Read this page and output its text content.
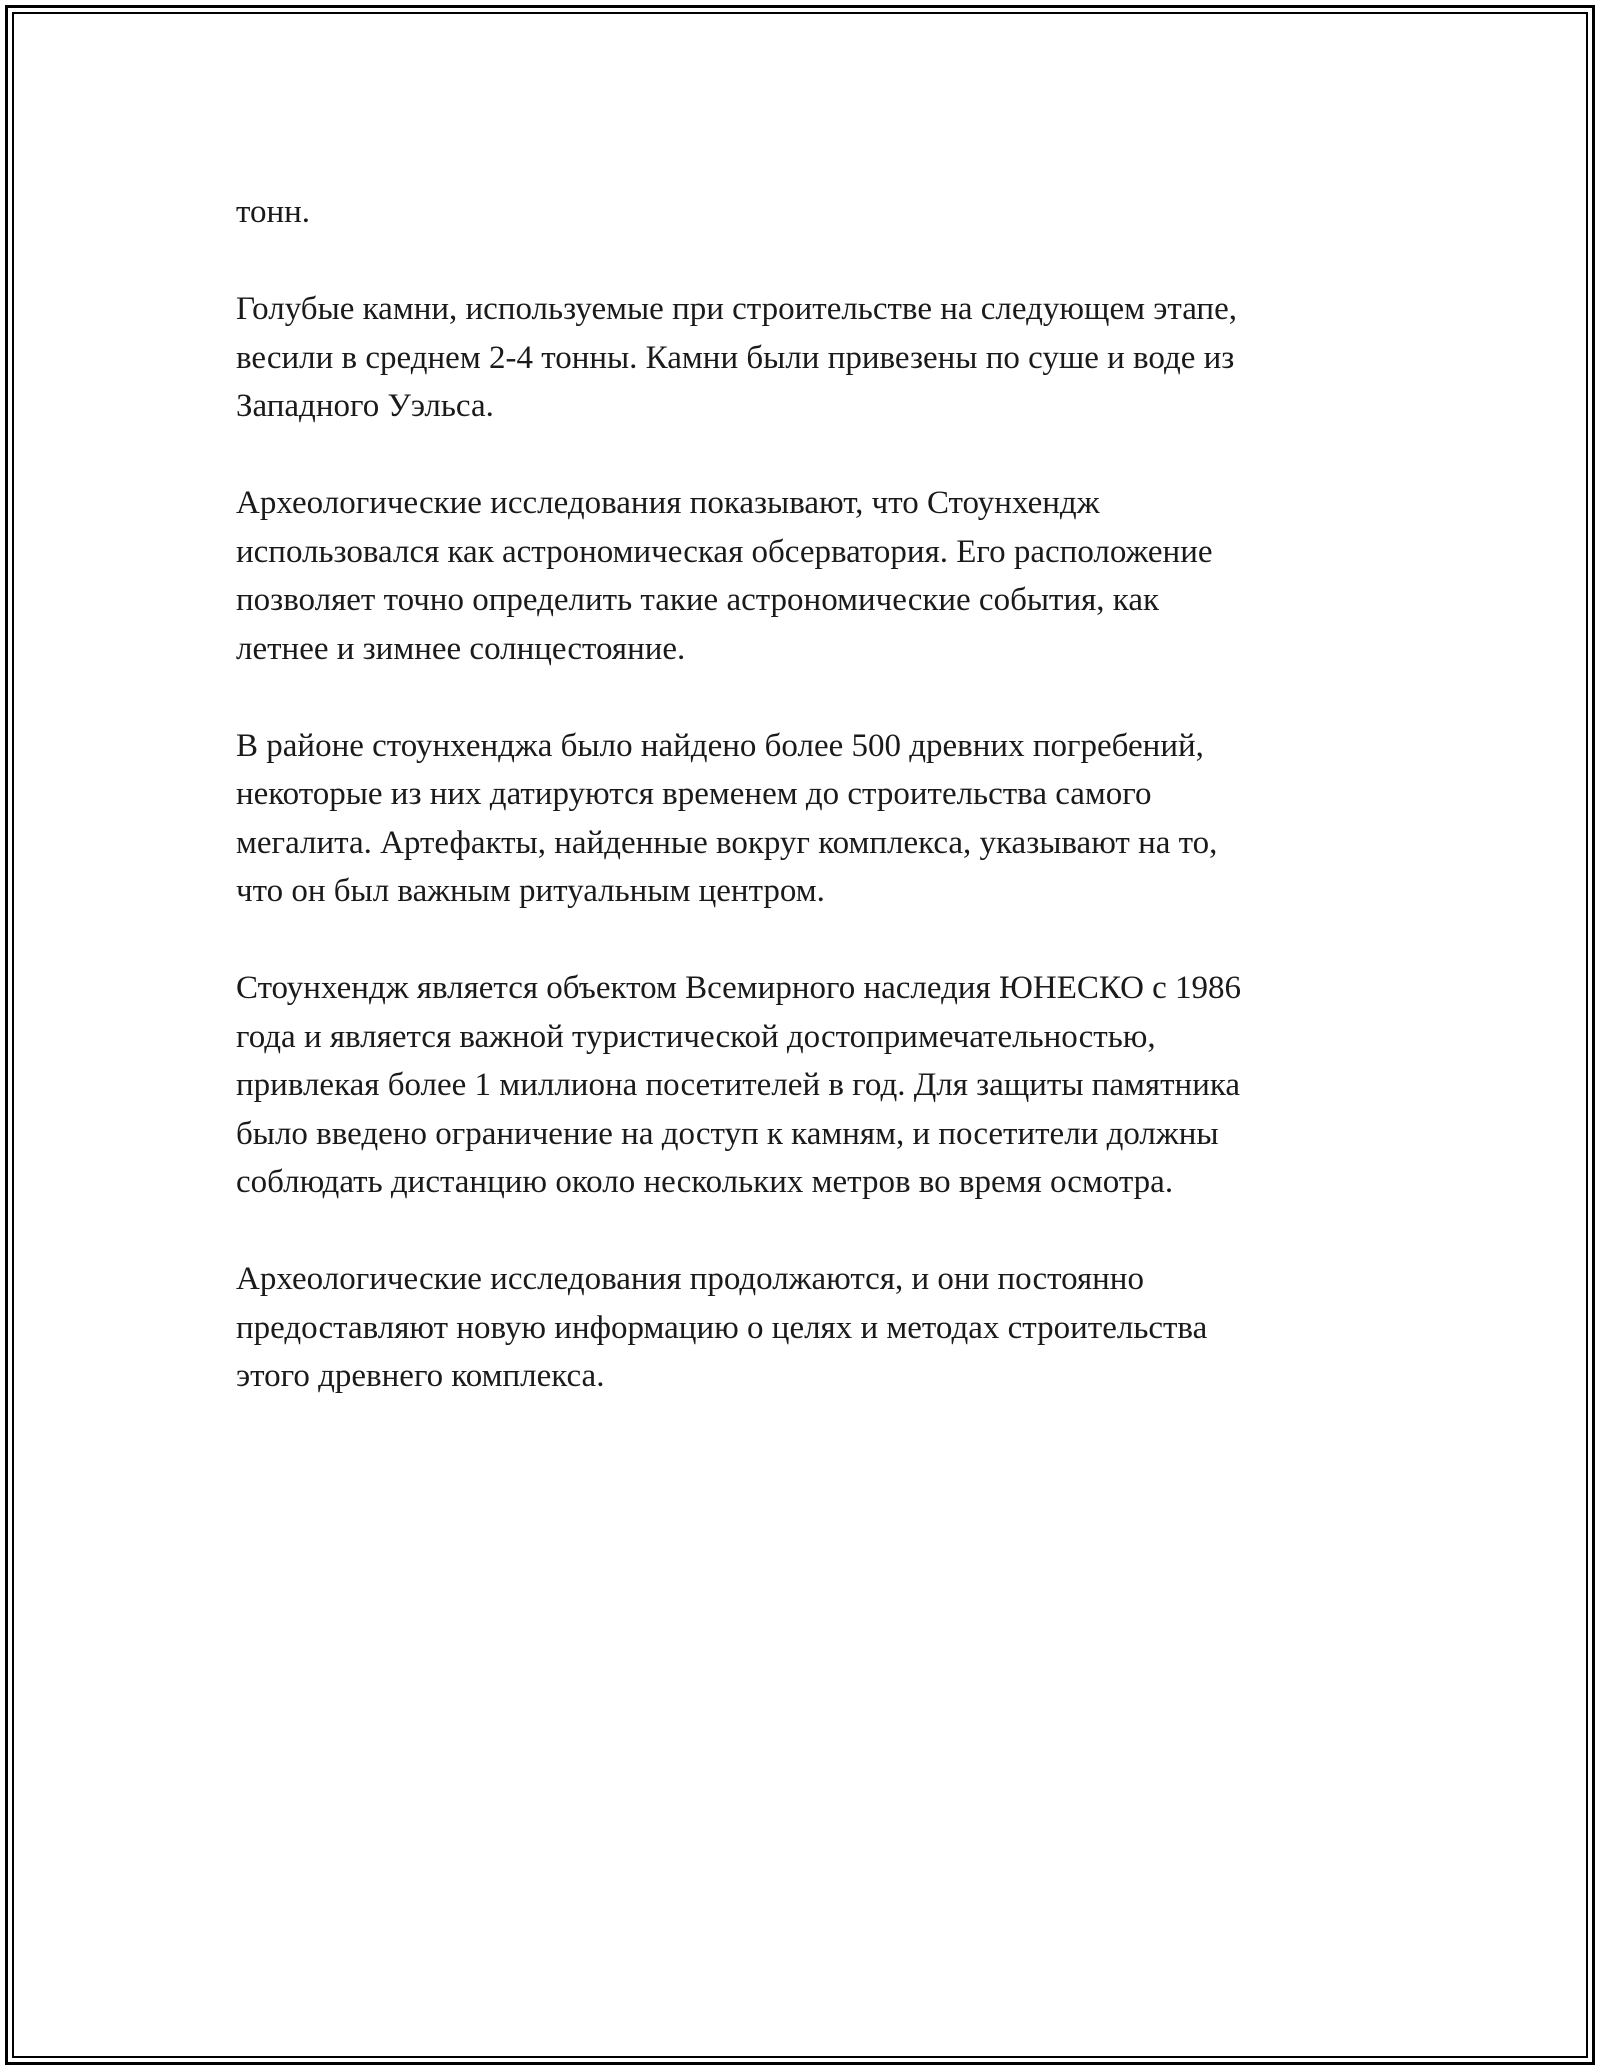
тонн.

Голубые камни, используемые при строительстве на следующем этапе,
весили в среднем 2-4 тонны. Камни были привезены по суше и воде из
Западного Уэльса.

Археологические исследования показывают, что Стоунхендж
использовался как астрономическая обсерватория. Его расположение
позволяет точно определить такие астрономические события, как
летнее и зимнее солнцестояние.

В районе стоунхенджа было найдено более 500 древних погребений,
некоторые из них датируются временем до строительства самого
мегалита. Артефакты, найденные вокруг комплекса, указывают на то,
что он был важным ритуальным центром.

Стоунхендж является объектом Всемирного наследия ЮНЕСКО с 1986
года и является важной туристической достопримечательностью,
привлекая более 1 миллиона посетителей в год. Для защиты памятника
было введено ограничение на доступ к камням, и посетители должны
соблюдать дистанцию около нескольких метров во время осмотра.

Археологические исследования продолжаются, и они постоянно
предоставляют новую информацию о целях и методах строительства
этого древнего комплекса.
